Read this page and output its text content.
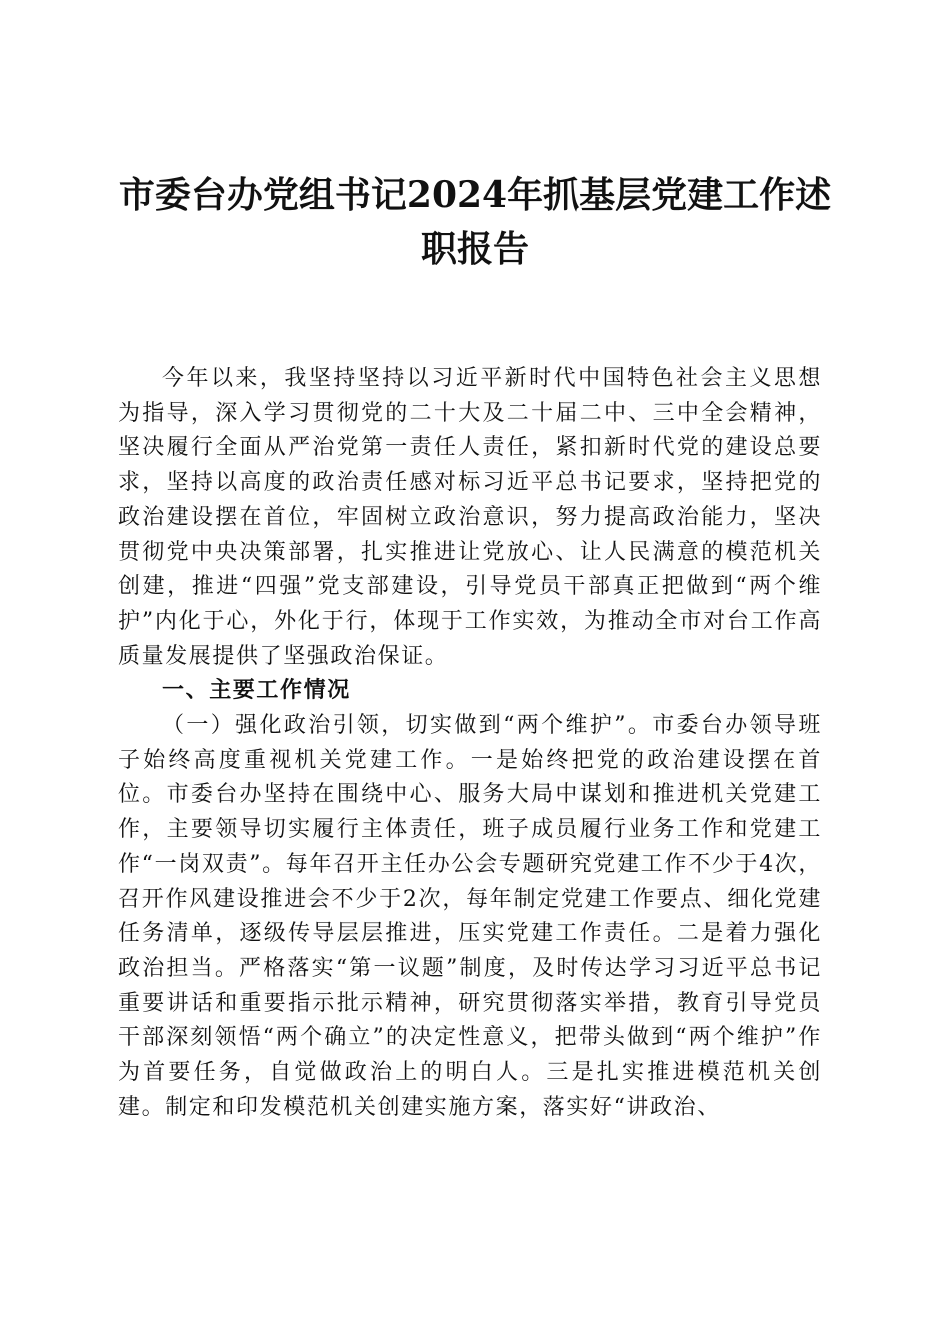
市委台办党组书记2024年抓基层党建工作述
职报告

今年以来，我坚持坚持以习近平新时代中国特色社会主义思想为指导，深入学习贯彻党的二十大及二十届二中、三中全会精神，坚决履行全面从严治党第一责任人责任，紧扣新时代党的建设总要求，坚持以高度的政治责任感对标习近平总书记要求，坚持把党的政治建设摆在首位，牢固树立政治意识，努力提高政治能力，坚决贯彻党中央决策部署，扎实推进让党放心、让人民满意的模范机关创建，推进“四强”党支部建设，引导党员干部真正把做到“两个维护”内化于心，外化于行，体现于工作实效，为推动全市对台工作高质量发展提供了坚强政治保证。

一、主要工作情况

（一）强化政治引领，切实做到“两个维护”。市委台办领导班子始终高度重视机关党建工作。一是始终把党的政治建设摆在首位。市委台办坚持在围绕中心、服务大局中谋划和推进机关党建工作，主要领导切实履行主体责任，班子成员履行业务工作和党建工作“一岗双责”。每年召开主任办公会专题研究党建工作不少于4次，召开作风建设推进会不少于2次，每年制定党建工作要点、细化党建任务清单，逐级传导层层推进，压实党建工作责任。二是着力强化政治担当。严格落实“第一议题”制度，及时传达学习习近平总书记重要讲话和重要指示批示精神，研究贯彻落实举措，教育引导党员干部深刻领悟“两个确立”的决定性意义，把带头做到“两个维护”作为首要任务，自觉做政治上的明白人。三是扎实推进模范机关创建。制定和印发模范机关创建实施方案，落实好“讲政治、
